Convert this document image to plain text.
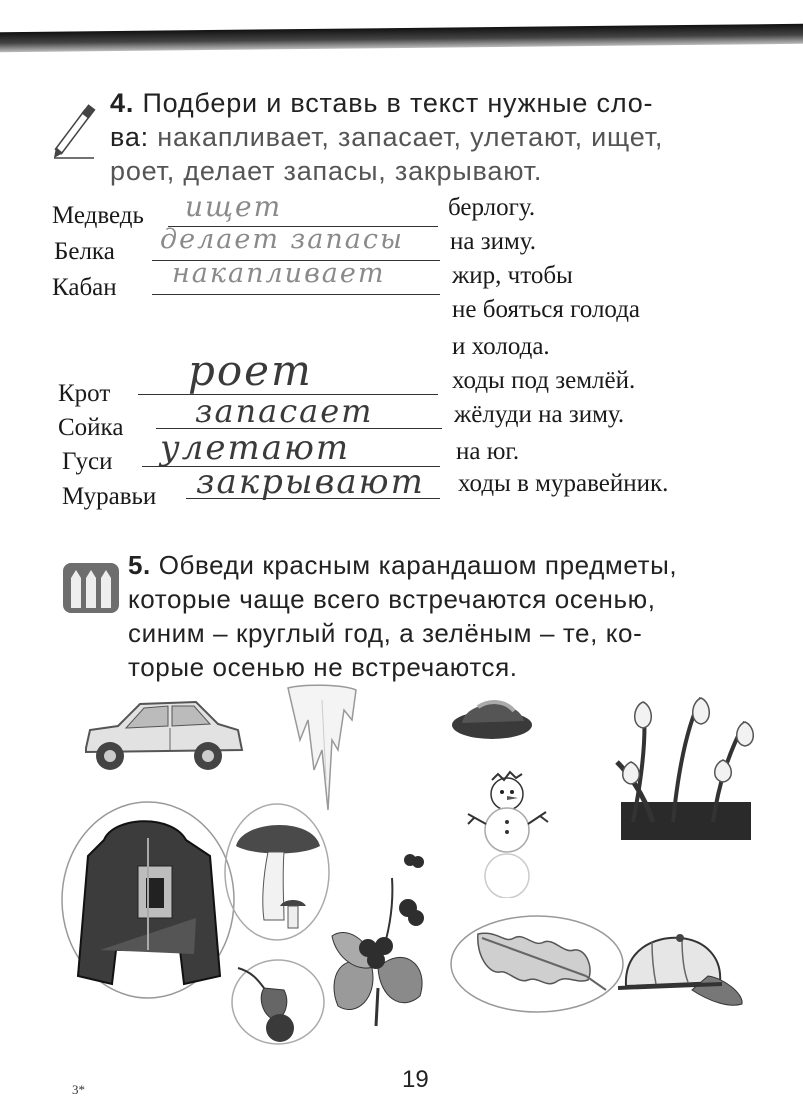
4. Подбери и вставь в текст нужные сло-
ва: накапливает, запасает, улетают, ищет,
роет, делает запасы, закрывают.
Медведь ищет	берлогу.
Белка делает запасы на зиму.
Кабан накапливает	жир, чтобы
не бояться голода
и холода.
Крот роет	ходы под землёй.
Сойка запасает	жёлуди на зиму.
Гуси улетают	на юг.
Муравьи закрывают ходы в муравейник.
5. Обведи красным карандашом предметы,
которые чаще всего встречаются осенью,
синим – круглый год, а зелёным – те, ко-
торые осенью не встречаются.
3*	19
